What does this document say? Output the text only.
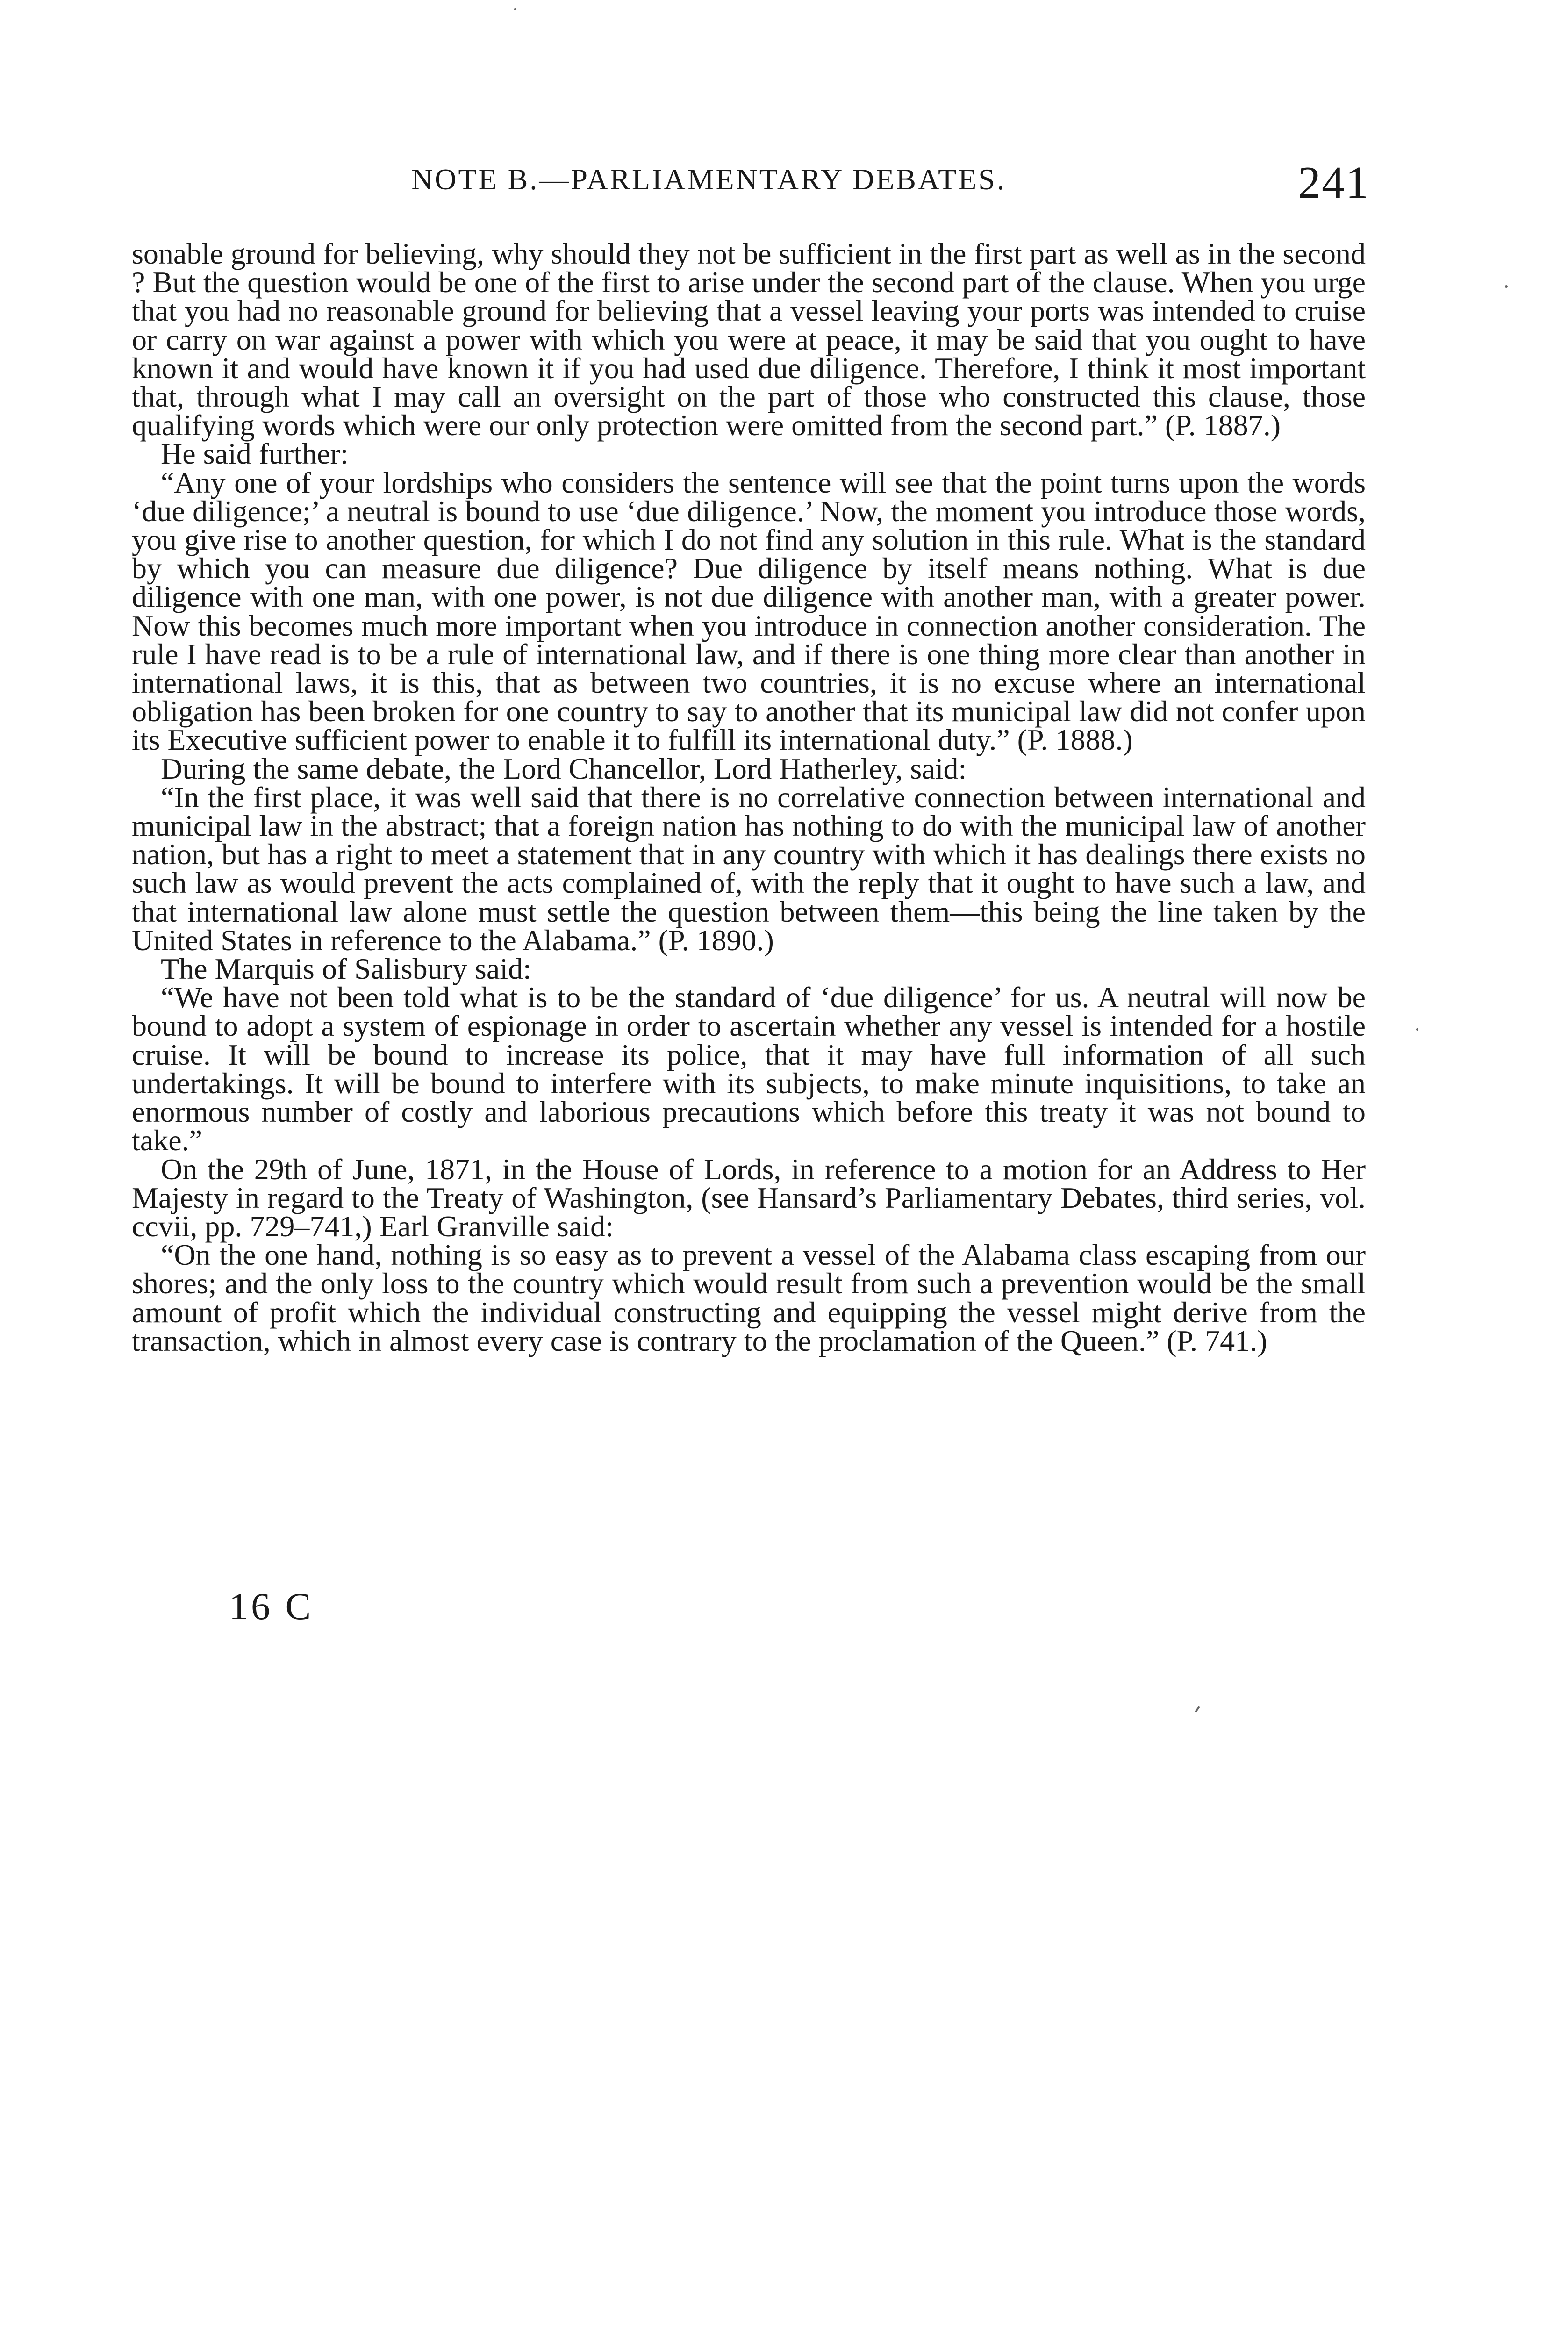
NOTE B.—PARLIAMENTARY DEBATES.	241

sonable ground for believing, why should they not be sufficient in the first part as well as in the second ? But the question would be one of the first to arise under the second part of the clause. When you urge that you had no reasonable ground for believing that a vessel leaving your ports was intended to cruise or carry on war against a power with which you were at peace, it may be said that you ought to have known it and would have known it if you had used due diligence. Therefore, I think it most important that, through what I may call an oversight on the part of those who constructed this clause, those qualifying words which were our only protection were omitted from the second part.” (P. 1887.)

He said further:

“Any one of your lordships who considers the sentence will see that the point turns upon the words ‘due diligence;’ a neutral is bound to use ‘due diligence.’ Now, the moment you introduce those words, you give rise to another question, for which I do not find any solution in this rule. What is the standard by which you can measure due diligence? Due diligence by itself means nothing. What is due diligence with one man, with one power, is not due diligence with another man, with a greater power. Now this becomes much more important when you introduce in connection another consideration. The rule I have read is to be a rule of international law, and if there is one thing more clear than another in international laws, it is this, that as between two countries, it is no excuse where an international obligation has been broken for one country to say to another that its municipal law did not confer upon its Executive sufficient power to enable it to fulfill its international duty.” (P. 1888.)

During the same debate, the Lord Chancellor, Lord Hatherley, said:

“In the first place, it was well said that there is no correlative connection between international and municipal law in the abstract; that a foreign nation has nothing to do with the municipal law of another nation, but has a right to meet a statement that in any country with which it has dealings there exists no such law as would prevent the acts complained of, with the reply that it ought to have such a law, and that international law alone must settle the question between them—this being the line taken by the United States in reference to the Alabama.” (P. 1890.)

The Marquis of Salisbury said:

“We have not been told what is to be the standard of ‘due diligence’ for us. A neutral will now be bound to adopt a system of espionage in order to ascertain whether any vessel is intended for a hostile cruise. It will be bound to increase its police, that it may have full information of all such undertakings. It will be bound to interfere with its subjects, to make minute inquisitions, to take an enormous number of costly and laborious precautions which before this treaty it was not bound to take.”

On the 29th of June, 1871, in the House of Lords, in reference to a motion for an Address to Her Majesty in regard to the Treaty of Washington, (see Hansard’s Parliamentary Debates, third series, vol. ccvii, pp. 729–741,) Earl Granville said:

“On the one hand, nothing is so easy as to prevent a vessel of the Alabama class escaping from our shores; and the only loss to the country which would result from such a prevention would be the small amount of profit which the individual constructing and equipping the vessel might derive from the transaction, which in almost every case is contrary to the proclamation of the Queen.” (P. 741.)

16 C
